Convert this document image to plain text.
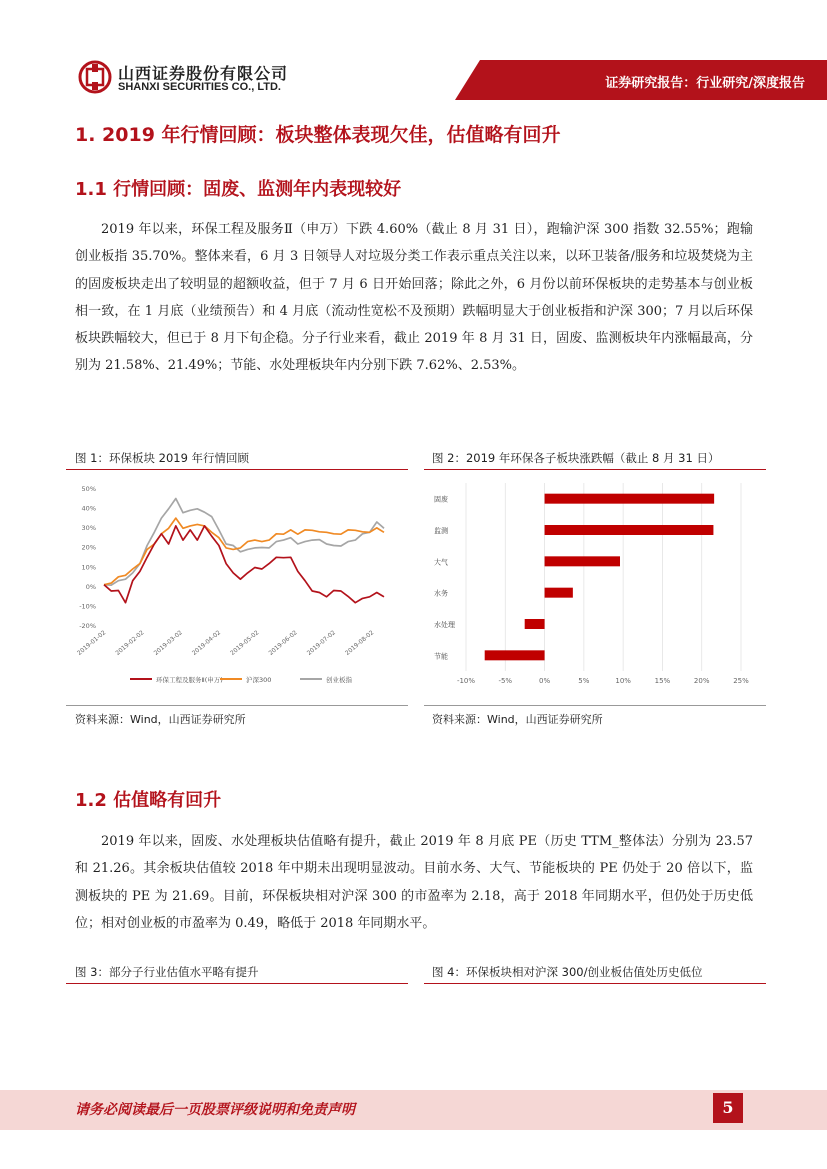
山西证券股份有限公司
SHANXI SECURITIES CO., LTD.	证券研究报告：行业研究/深度报告
1. 2019 年行情回顾：板块整体表现欠佳，估值略有回升
1.1 行情回顾：固废、监测年内表现较好
2019 年以来，环保工程及服务Ⅱ（申万）下跌 4.60%（截止 8 月 31 日），跑输沪深 300 指数 32.55%；跑输创业板指 35.70%。整体来看，6 月 3 日领导人对垃圾分类工作表示重点关注以来，以环卫装备/服务和垃圾焚烧为主的固废板块走出了较明显的超额收益，但于 7 月 6 日开始回落；除此之外，6 月份以前环保板块的走势基本与创业板相一致，在 1 月底（业绩预告）和 4 月底（流动性宽松不及预期）跌幅明显大于创业板指和沪深 300；7 月以后环保板块跌幅较大，但已于 8 月下旬企稳。分子行业来看，截止 2019 年 8 月 31 日，固废、监测板块年内涨幅最高，分别为 21.58%、21.49%；节能、水处理板块年内分别下跌 7.62%、2.53%。
图 1：环保板块 2019 年行情回顾	图 2：2019 年环保各子板块涨跌幅（截止 8 月 31 日）
50%
40%
30%
20%
10%
0%
-10%
-20%
2019-01-02 2019-02-02 2019-03-02 2019-04-02 2019-05-02 2019-06-02 2019-07-02 2019-08-02
环保工程及服务Ⅱ(申万)	沪深300	创业板指
固废
监测
大气
水务
水处理
节能
-10%	-5%	0%	5%	10%	15%	20%	25%
资料来源：Wind，山西证券研究所	资料来源：Wind，山西证券研究所
1.2 估值略有回升
2019 年以来，固废、水处理板块估值略有提升，截止 2019 年 8 月底 PE（历史 TTM_整体法）分别为 23.57 和 21.26。其余板块估值较 2018 年中期未出现明显波动。目前水务、大气、节能板块的 PE 仍处于 20 倍以下，监测板块的 PE 为 21.69。目前，环保板块相对沪深 300 的市盈率为 2.18，高于 2018 年同期水平，但仍处于历史低位；相对创业板的市盈率为 0.49，略低于 2018 年同期水平。
图 3：部分子行业估值水平略有提升	图 4：环保板块相对沪深 300/创业板估值处历史低位
请务必阅读最后一页股票评级说明和免责声明	5
